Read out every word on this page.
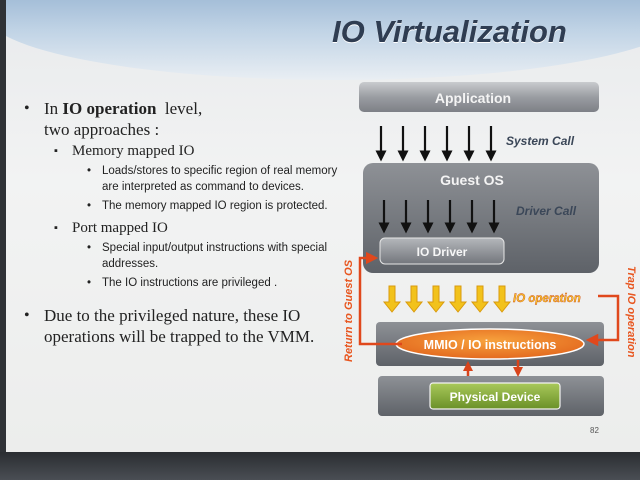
IO Virtualization
• In IO operation  level,
two approaches :
▪ Memory mapped IO
• Loads/stores to specific region of real memory are interpreted as command to devices.
• The memory mapped IO region is protected.
▪ Port mapped IO
• Special input/output instructions with special addresses.
• The IO instructions are privileged .
• Due to the privileged nature, these IO operations will be trapped to the VMM.
Application
System Call
Guest OS
Driver Call
IO Driver
IO operation
MMIO / IO instructions
Physical Device
Return to Guest OS	Trap IO operation
82
